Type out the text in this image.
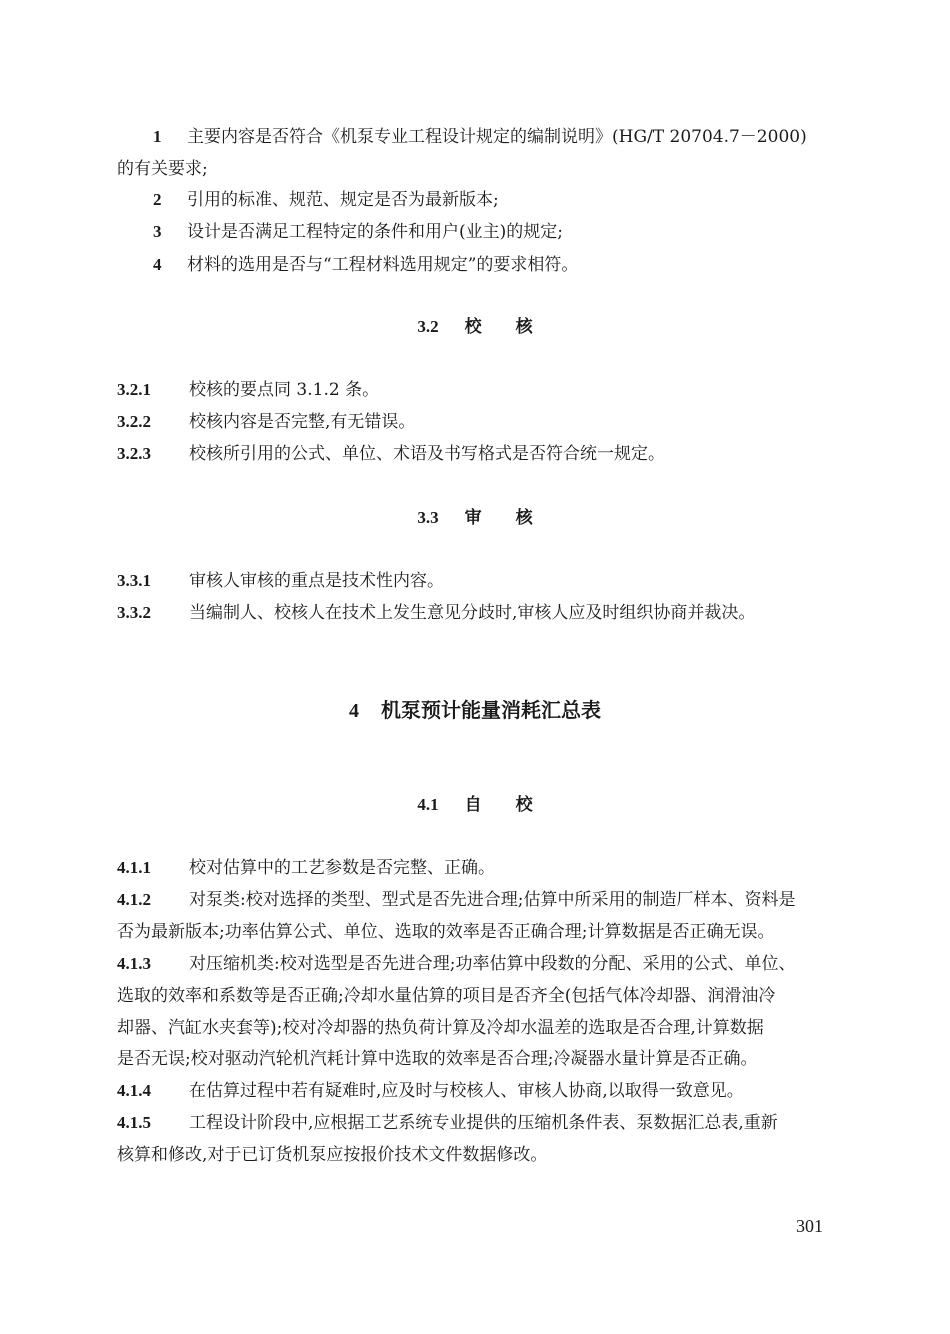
1 主要内容是否符合《机泵专业工程设计规定的编制说明》(HG/T 20704.7－2000)
的有关要求;
2 引用的标准、规范、规定是否为最新版本;
3 设计是否满足工程特定的条件和用户(业主)的规定;
4 材料的选用是否与“工程材料选用规定”的要求相符。
3.2 校核
3.2.1 校核的要点同 3.1.2 条。
3.2.2 校核内容是否完整,有无错误。
3.2.3 校核所引用的公式、单位、术语及书写格式是否符合统一规定。
3.3 审核
3.3.1 审核人审核的重点是技术性内容。
3.3.2 当编制人、校核人在技术上发生意见分歧时,审核人应及时组织协商并裁决。
4 机泵预计能量消耗汇总表
4.1 自校
4.1.1 校对估算中的工艺参数是否完整、正确。
4.1.2 对泵类:校对选择的类型、型式是否先进合理;估算中所采用的制造厂样本、资料是
否为最新版本;功率估算公式、单位、选取的效率是否正确合理;计算数据是否正确无误。
4.1.3 对压缩机类:校对选型是否先进合理;功率估算中段数的分配、采用的公式、单位、
选取的效率和系数等是否正确;冷却水量估算的项目是否齐全(包括气体冷却器、润滑油冷
却器、汽缸水夹套等);校对冷却器的热负荷计算及冷却水温差的选取是否合理,计算数据
是否无误;校对驱动汽轮机汽耗计算中选取的效率是否合理;冷凝器水量计算是否正确。
4.1.4 在估算过程中若有疑难时,应及时与校核人、审核人协商,以取得一致意见。
4.1.5 工程设计阶段中,应根据工艺系统专业提供的压缩机条件表、泵数据汇总表,重新
核算和修改,对于已订货机泵应按报价技术文件数据修改。
301
